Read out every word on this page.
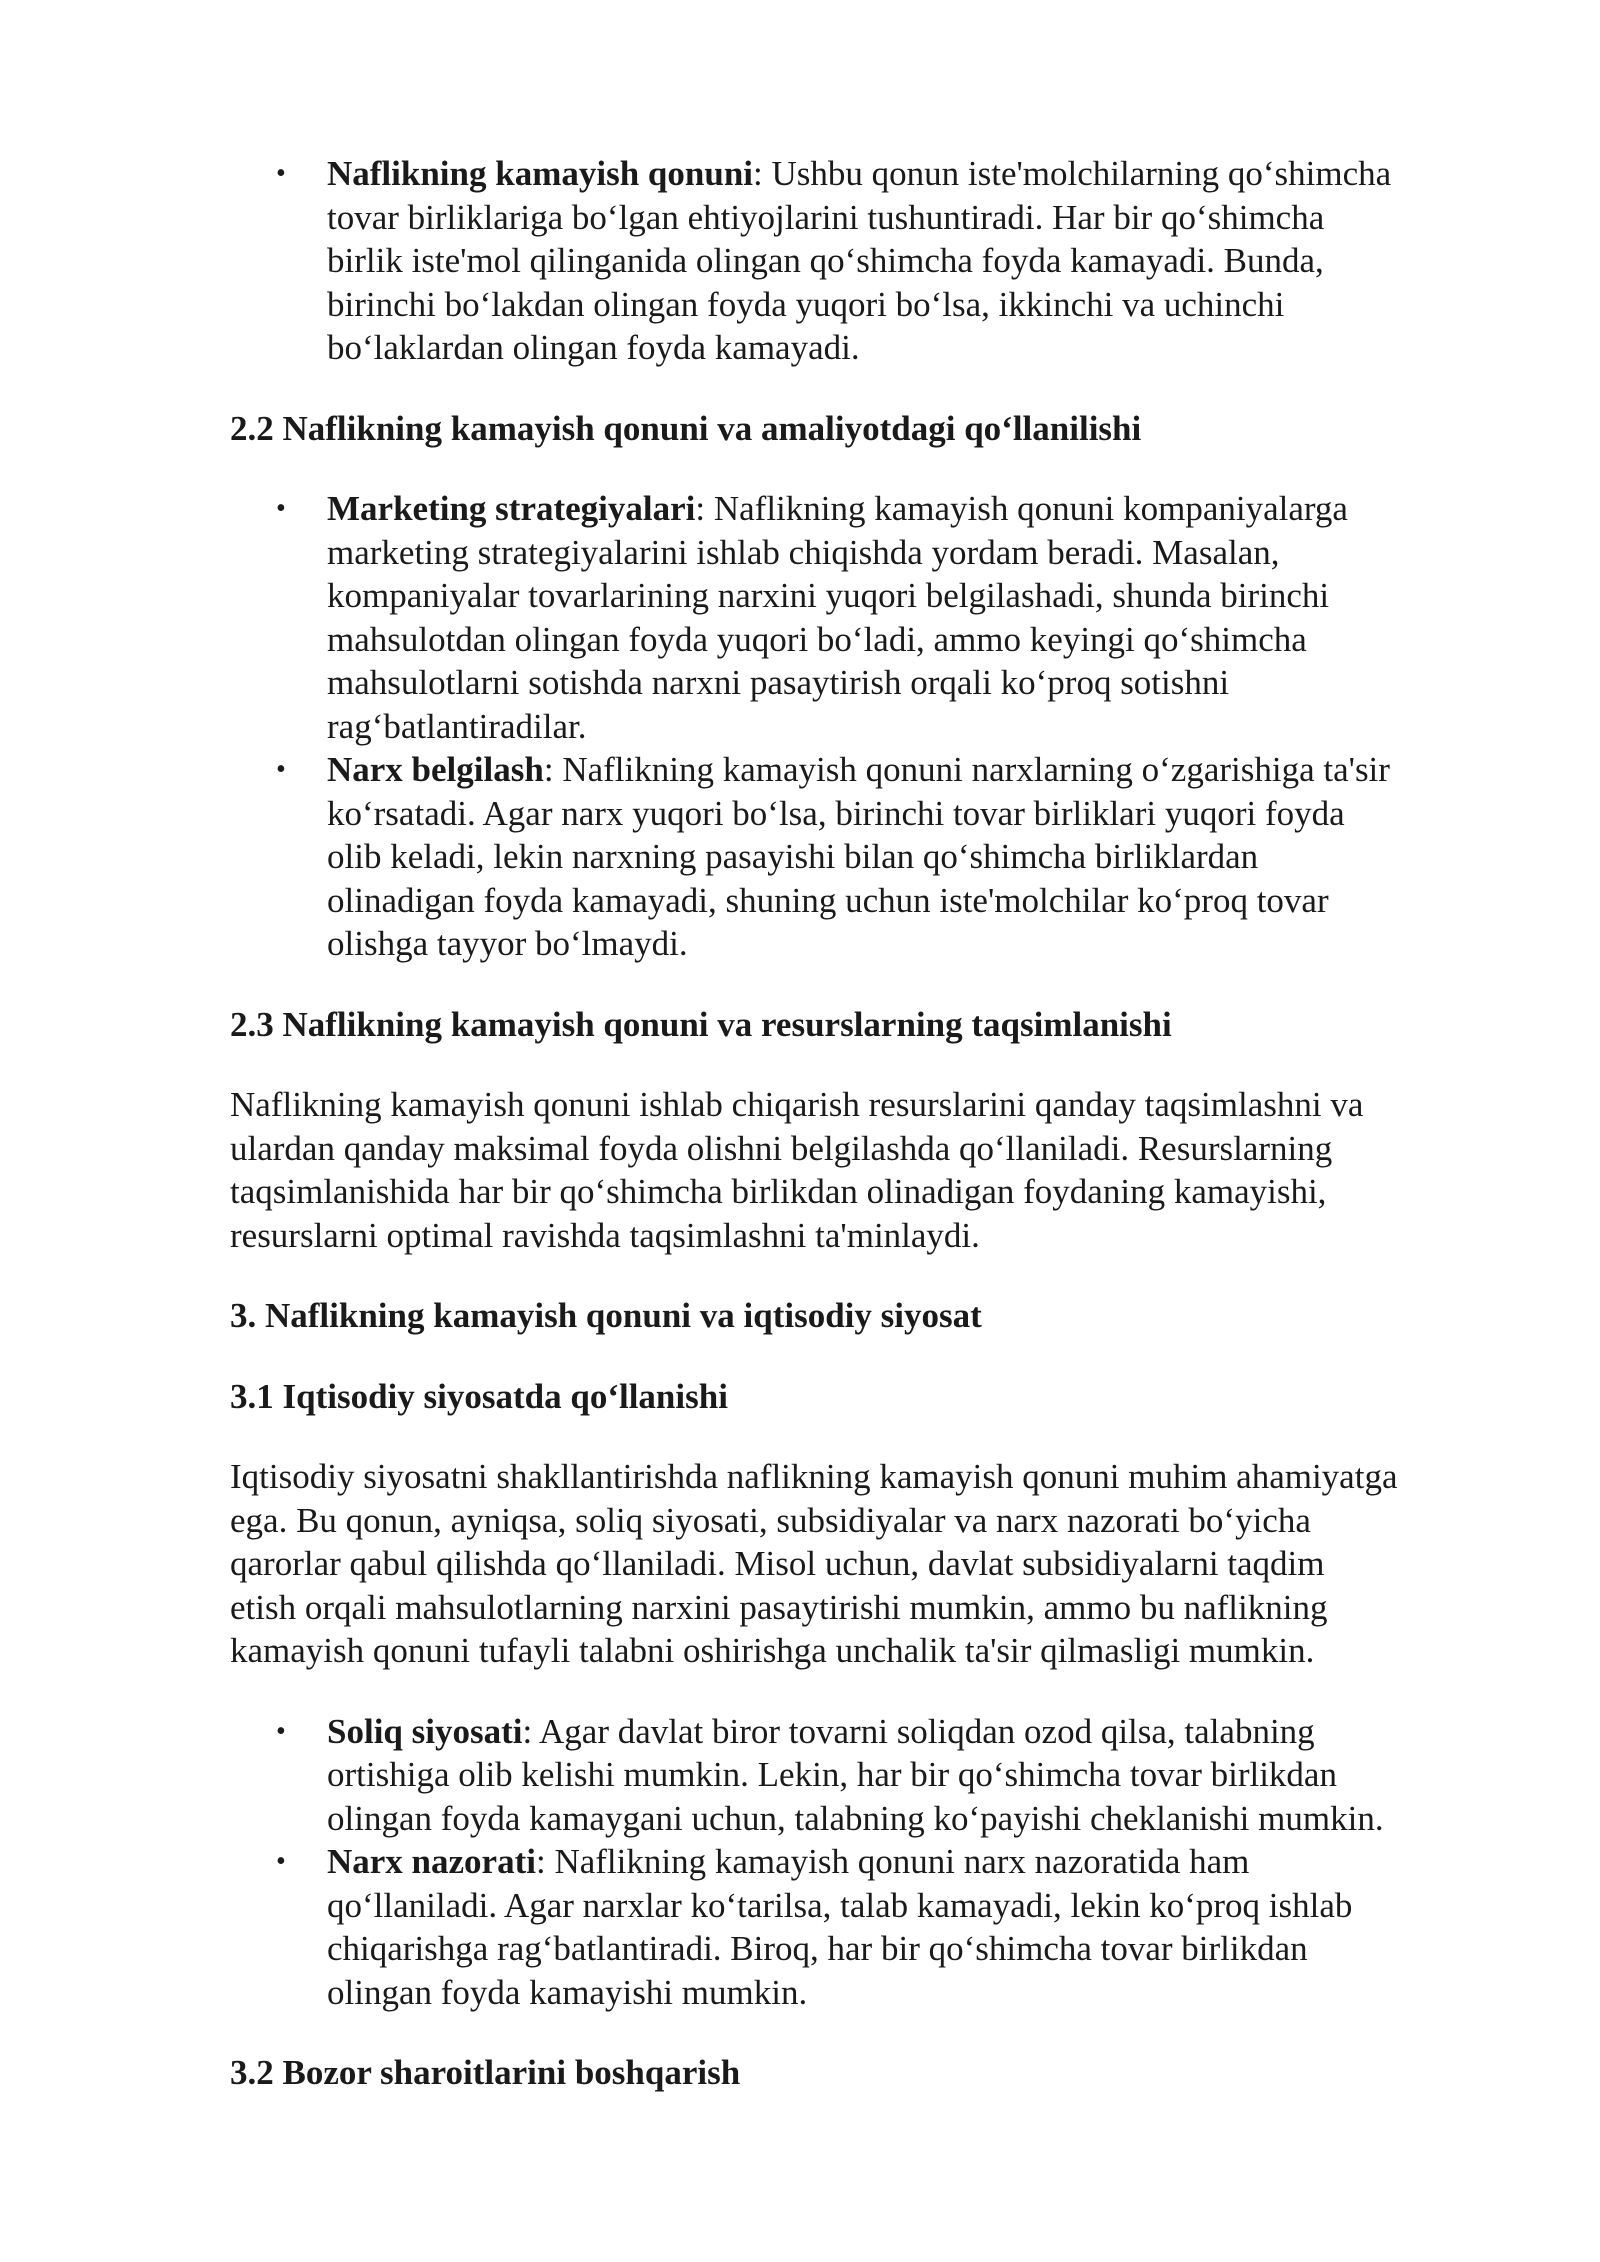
• Naflikning kamayish qonuni: Ushbu qonun iste'molchilarning qo‘shimcha
tovar birliklariga bo‘lgan ehtiyojlarini tushuntiradi. Har bir qo‘shimcha
birlik iste'mol qilinganida olingan qo‘shimcha foyda kamayadi. Bunda,
birinchi bo‘lakdan olingan foyda yuqori bo‘lsa, ikkinchi va uchinchi
bo‘laklardan olingan foyda kamayadi.
2.2 Naflikning kamayish qonuni va amaliyotdagi qo‘llanilishi
• Marketing strategiyalari: Naflikning kamayish qonuni kompaniyalarga
marketing strategiyalarini ishlab chiqishda yordam beradi. Masalan,
kompaniyalar tovarlarining narxini yuqori belgilashadi, shunda birinchi
mahsulotdan olingan foyda yuqori bo‘ladi, ammo keyingi qo‘shimcha
mahsulotlarni sotishda narxni pasaytirish orqali ko‘proq sotishni
rag‘batlantiradilar.
• Narx belgilash: Naflikning kamayish qonuni narxlarning o‘zgarishiga ta'sir
ko‘rsatadi. Agar narx yuqori bo‘lsa, birinchi tovar birliklari yuqori foyda
olib keladi, lekin narxning pasayishi bilan qo‘shimcha birliklardan
olinadigan foyda kamayadi, shuning uchun iste'molchilar ko‘proq tovar
olishga tayyor bo‘lmaydi.
2.3 Naflikning kamayish qonuni va resurslarning taqsimlanishi

Naflikning kamayish qonuni ishlab chiqarish resurslarini qanday taqsimlashni va
ulardan qanday maksimal foyda olishni belgilashda qo‘llaniladi. Resurslarning
taqsimlanishida har bir qo‘shimcha birlikdan olinadigan foydaning kamayishi,
resurslarni optimal ravishda taqsimlashni ta'minlaydi.

3. Naflikning kamayish qonuni va iqtisodiy siyosat
3.1 Iqtisodiy siyosatda qo‘llanishi

Iqtisodiy siyosatni shakllantirishda naflikning kamayish qonuni muhim ahamiyatga
ega. Bu qonun, ayniqsa, soliq siyosati, subsidiyalar va narx nazorati bo‘yicha
qarorlar qabul qilishda qo‘llaniladi. Misol uchun, davlat subsidiyalarni taqdim
etish orqali mahsulotlarning narxini pasaytirishi mumkin, ammo bu naflikning
kamayish qonuni tufayli talabni oshirishga unchalik ta'sir qilmasligi mumkin.

• Soliq siyosati: Agar davlat biror tovarni soliqdan ozod qilsa, talabning
ortishiga olib kelishi mumkin. Lekin, har bir qo‘shimcha tovar birlikdan
olingan foyda kamaygani uchun, talabning ko‘payishi cheklanishi mumkin.
• Narx nazorati: Naflikning kamayish qonuni narx nazoratida ham
qo‘llaniladi. Agar narxlar ko‘tarilsa, talab kamayadi, lekin ko‘proq ishlab
chiqarishga rag‘batlantiradi. Biroq, har bir qo‘shimcha tovar birlikdan
olingan foyda kamayishi mumkin.
3.2 Bozor sharoitlarini boshqarish
